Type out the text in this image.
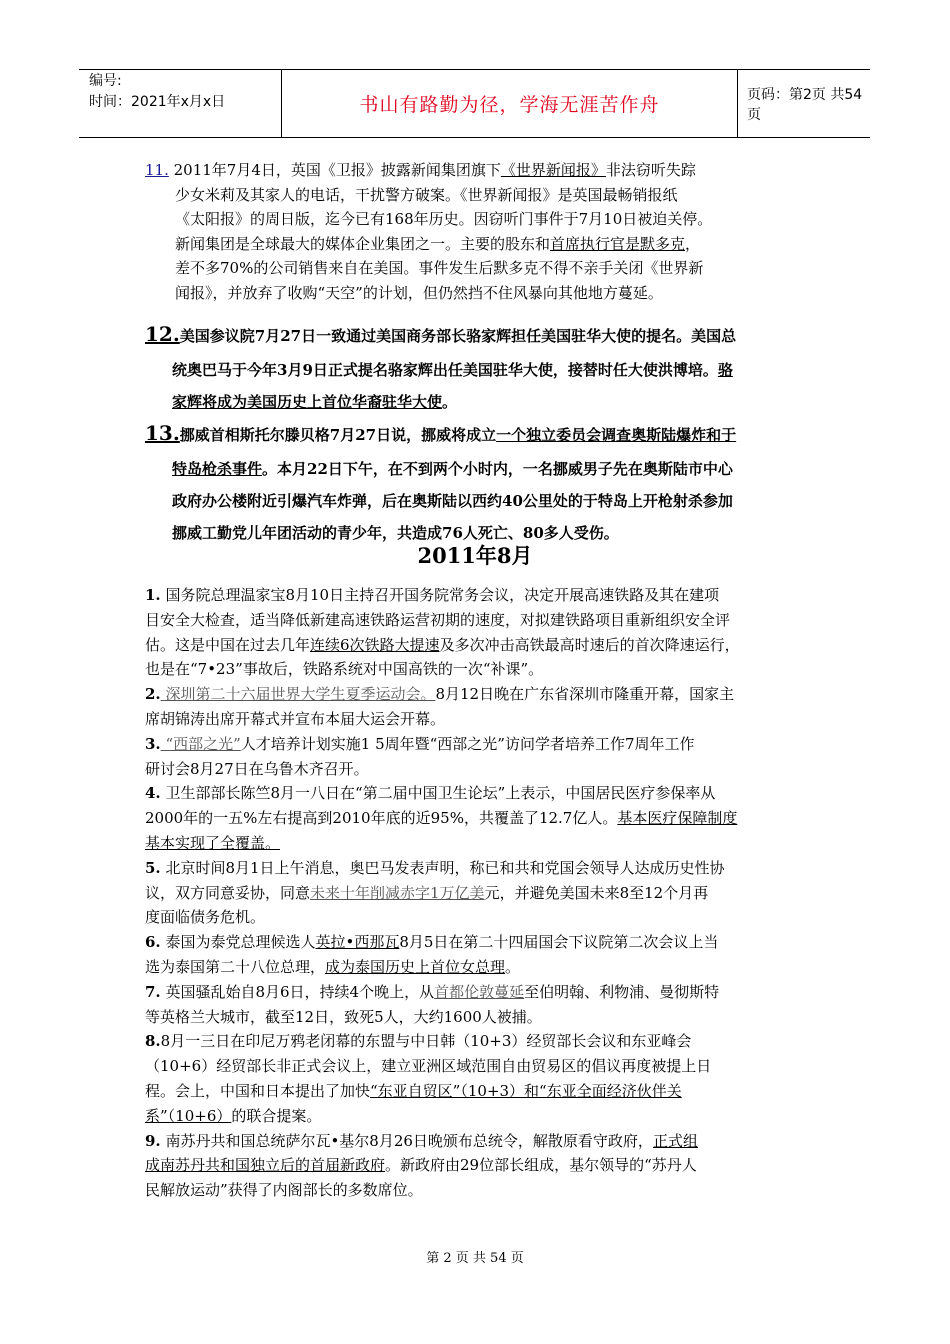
编号:
时间：2021年x月x日	书山有路勤为径，学海无涯苦作舟	页码：第2页 共54页
11. 2011年7月4日，英国《卫报》披露新闻集团旗下《世界新闻报》非法窃听失踪
少女米莉及其家人的电话，干扰警方破案。《世界新闻报》是英国最畅销报纸
《太阳报》的周日版，迄今已有168年历史。因窃听门事件于7月10日被迫关停。
新闻集团是全球最大的媒体企业集团之一。主要的股东和首席执行官是默多克，
差不多70%的公司销售来自在美国。事件发生后默多克不得不亲手关闭《世界新
闻报》，并放弃了收购“天空”的计划，但仍然挡不住风暴向其他地方蔓延。
12.美国参议院7月27日一致通过美国商务部长骆家辉担任美国驻华大使的提名。美国总
统奥巴马于今年3月9日正式提名骆家辉出任美国驻华大使，接替时任大使洪博培。骆
家辉将成为美国历史上首位华裔驻华大使。
13.挪威首相斯托尔滕贝格7月27日说，挪威将成立一个独立委员会调查奥斯陆爆炸和于
特岛枪杀事件。本月22日下午，在不到两个小时内，一名挪威男子先在奥斯陆市中心
政府办公楼附近引爆汽车炸弹，后在奥斯陆以西约40公里处的于特岛上开枪射杀参加
挪威工勤党儿年团活动的青少年，共造成76人死亡、80多人受伤。
2011年8月
1. 国务院总理温家宝8月10日主持召开国务院常务会议，决定开展高速铁路及其在建项
目安全大检查，适当降低新建高速铁路运营初期的速度，对拟建铁路项目重新组织安全评
估。这是中国在过去几年连续6次铁路大提速及多次冲击高铁最高时速后的首次降速运行，
也是在“7•23”事故后，铁路系统对中国高铁的一次“补课”。
2. 深圳第二十六届世界大学生夏季运动会。8月12日晚在广东省深圳市隆重开幕，国家主
席胡锦涛出席开幕式并宣布本届大运会开幕。
3. “西部之光”人才培养计划实施1 5周年暨“西部之光”访问学者培养工作7周年工作
研讨会8月27日在乌鲁木齐召开。
4. 卫生部部长陈竺8月一八日在“第二届中国卫生论坛”上表示，中国居民医疗参保率从
2000年的一五%左右提高到2010年底的近95%，共覆盖了12.7亿人。基本医疗保障制度
基本实现了全覆盖。
5. 北京时间8月1日上午消息，奥巴马发表声明，称已和共和党国会领导人达成历史性协
议，双方同意妥协，同意未来十年削减赤字1万亿美元，并避免美国未来8至12个月再
度面临债务危机。
6. 泰国为泰党总理候选人英拉•西那瓦8月5日在第二十四届国会下议院第二次会议上当
选为泰国第二十八位总理，成为泰国历史上首位女总理。
7. 英国骚乱始自8月6日，持续4个晚上，从首都伦敦蔓延至伯明翰、利物浦、曼彻斯特
等英格兰大城市，截至12日，致死5人，大约1600人被捕。
8.8月一三日在印尼万鸦老闭幕的东盟与中日韩（10+3）经贸部长会议和东亚峰会
（10+6）经贸部长非正式会议上，建立亚洲区域范围自由贸易区的倡议再度被提上日
程。会上，中国和日本提出了加快“东亚自贸区”（10+3）和“东亚全面经济伙伴关
系”（10+6）的联合提案。
9. 南苏丹共和国总统萨尔瓦•基尔8月26日晚颁布总统令，解散原看守政府，正式组
成南苏丹共和国独立后的首届新政府。新政府由29位部长组成，基尔领导的“苏丹人
民解放运动”获得了内阁部长的多数席位。
第 2 页 共 54 页
